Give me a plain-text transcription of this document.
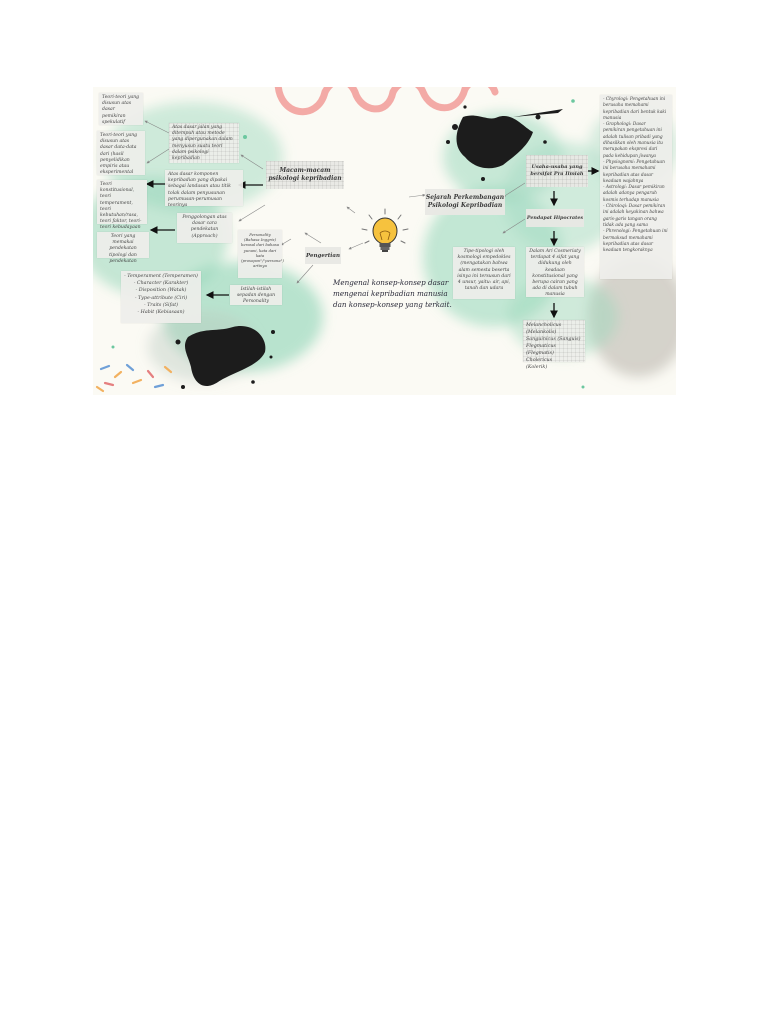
Mengenal konsep-konsep dasar mengenai kepribadian manusia dan konsep-konsep yang terkait.
Macam-macam psikologi kepribadian
Pengertian
Teori-teori yang disusun atas dasar pemikiran spekulatif
Teori-teori yang disusun atas dasar data-data dari (hasil penyelidikan empiris atau eksperimental
Atas dasar jalan yang ditempuh atau metode yang dipergunakan dalam menyusun suatu teori dalam psikologi kepribadian
Teori konstitusional, teori temperament, teori kebutuhan/rasa, teori faktor, teori-teori kebudayaan
Atas dasar komponen kepribadian yang dipakai sebagai landasan atau titik tolak dalam penyusunan perumusan-perumusan teorinya
Penggolongan atas dasar cara pendekatan (Approach)
Teori yang memakai pendekatan tipologi dan pendekatan
Personality (Bahasa Inggris) berasal dari bahasa yunani, kata dari kata (prosopon"/"persona") artinya
Istilah-istilah sepadan dengan Personality
- Temperament (Temperamen)
- Character (Karakter)
- Disposition (Watak)
- Type-attribute (Ciri)
- Traits (Sifat)
- Habit (Kebiasaan)
Sejarah Perkembangan Psikologi Kepribadian
Usaha-usaha yang bersifat Pra Ilmiah
Pendapat Hipocrates
Tipe-tipologi oleh kosmologi empedokles (mengatakan bahwa alam semesta beserta isinya ini tersusun dari 4 unsur, yaitu: air, api, tanah dan udara
Dalam Ari Cosmeriaty terdapat 4 sifat yang didukung oleh keadaan konstitusional yang berupa cairan yang ada di dalam tubuh manusia
Melancholicus (Melankolis)
Sanguinicus (Sanguis)
Flegmaticus (Flegmatis)
Cholericus
(Kolerik)
- Chyrologi: Pengetahuan ini berusaha memahami kepribadian dari bentuk kaki manusia
- Graphologi: Dasar pemikiran pengetahuan ini adalah tulisan pribadi yang dihasilkan oleh manusia itu merupakan ekspresi dari pada kehidupan jiwanya
- Physiognomi: Pengetahuan ini berusaha memahami kepribadian atas dasar keadaan wajahnya
- Astrologi: Dasar pemikiran adalah adanya pengaruh kosmis terhadap manusia
- Chiroloqi: Dasar pemikiran ini adalah keyakinan bahwa garis-garis tangan orang tidak ada yang sama
- Phrenologi: Pengetahuan ini bermaksud memahami kepribadian atas dasar keadaan tengkoraknya
